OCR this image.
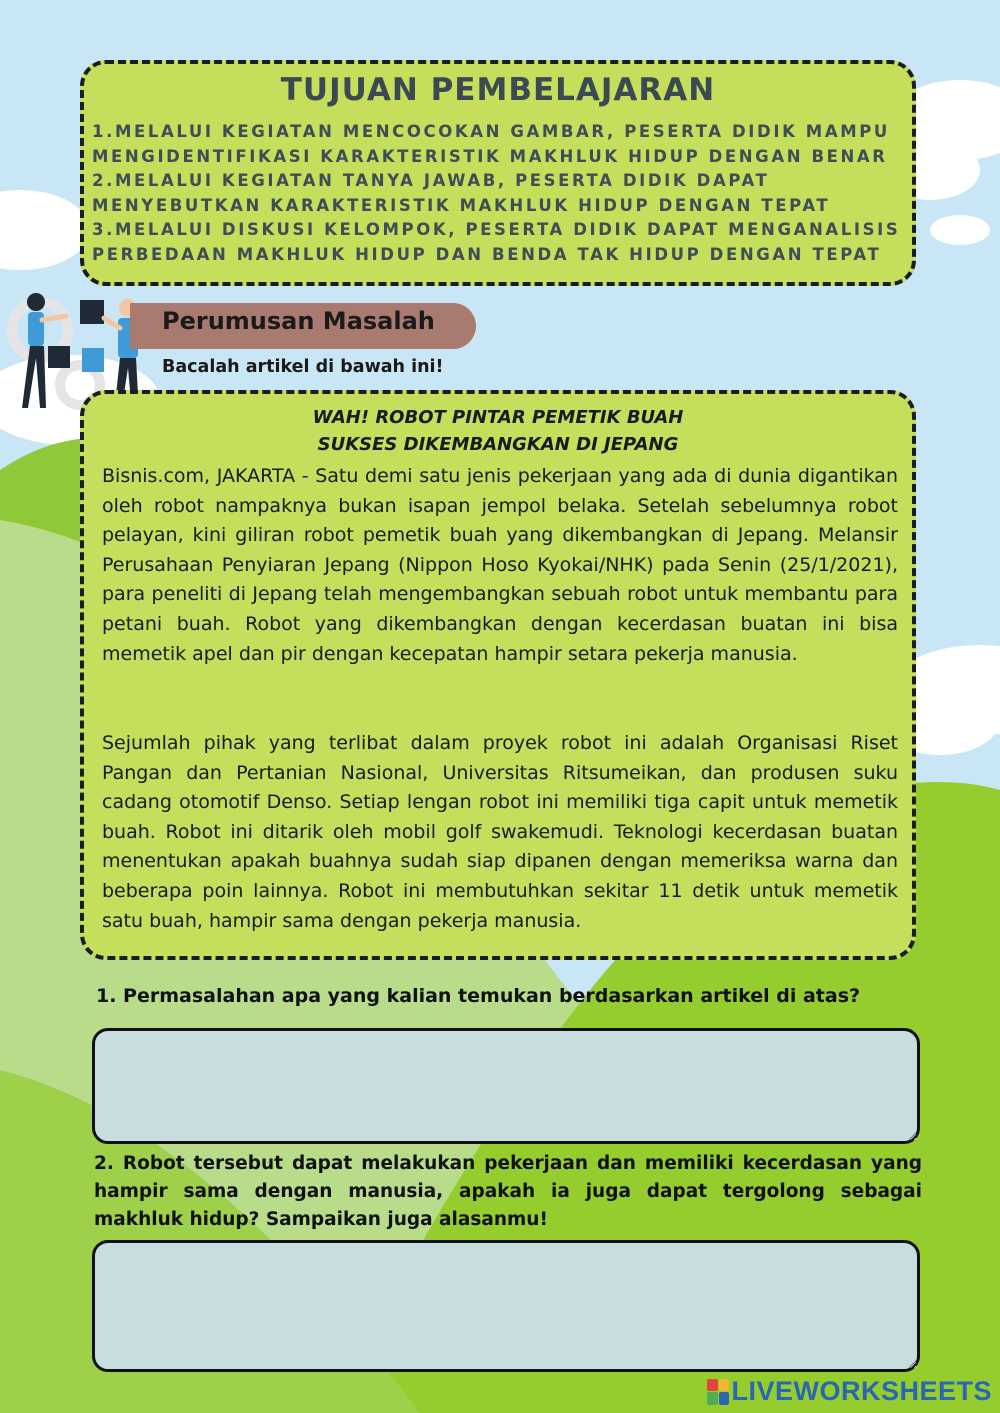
TUJUAN PEMBELAJARAN
1.MELALUI KEGIATAN MENCOCOKAN GAMBAR, PESERTA DIDIK MAMPU MENGIDENTIFIKASI KARAKTERISTIK MAKHLUK HIDUP DENGAN BENAR
2.MELALUI KEGIATAN TANYA JAWAB, PESERTA DIDIK DAPAT MENYEBUTKAN KARAKTERISTIK MAKHLUK HIDUP DENGAN TEPAT
3.MELALUI DISKUSI KELOMPOK, PESERTA DIDIK DAPAT MENGANALISIS PERBEDAAN MAKHLUK HIDUP DAN BENDA TAK HIDUP DENGAN TEPAT
Perumusan Masalah
Bacalah artikel di bawah ini!
WAH! ROBOT PINTAR PEMETIK BUAH
SUKSES DIKEMBANGKAN DI JEPANG
Bisnis.com, JAKARTA - Satu demi satu jenis pekerjaan yang ada di dunia digantikan oleh robot nampaknya bukan isapan jempol belaka. Setelah sebelumnya robot pelayan, kini giliran robot pemetik buah yang dikembangkan di Jepang. Melansir Perusahaan Penyiaran Jepang (Nippon Hoso Kyokai/NHK) pada Senin (25/1/2021), para peneliti di Jepang telah mengembangkan sebuah robot untuk membantu para petani buah. Robot yang dikembangkan dengan kecerdasan buatan ini bisa memetik apel dan pir dengan kecepatan hampir setara pekerja manusia.
Sejumlah pihak yang terlibat dalam proyek robot ini adalah Organisasi Riset Pangan dan Pertanian Nasional, Universitas Ritsumeikan, dan produsen suku cadang otomotif Denso. Setiap lengan robot ini memiliki tiga capit untuk memetik buah. Robot ini ditarik oleh mobil golf swakemudi. Teknologi kecerdasan buatan menentukan apakah buahnya sudah siap dipanen dengan memeriksa warna dan beberapa poin lainnya. Robot ini membutuhkan sekitar 11 detik untuk memetik satu buah, hampir sama dengan pekerja manusia.
1. Permasalahan apa yang kalian temukan berdasarkan artikel di atas?
2. Robot tersebut dapat melakukan pekerjaan dan memiliki kecerdasan yang hampir sama dengan manusia, apakah ia juga dapat tergolong sebagai makhluk hidup? Sampaikan juga alasanmu!
LIVEWORKSHEETS
